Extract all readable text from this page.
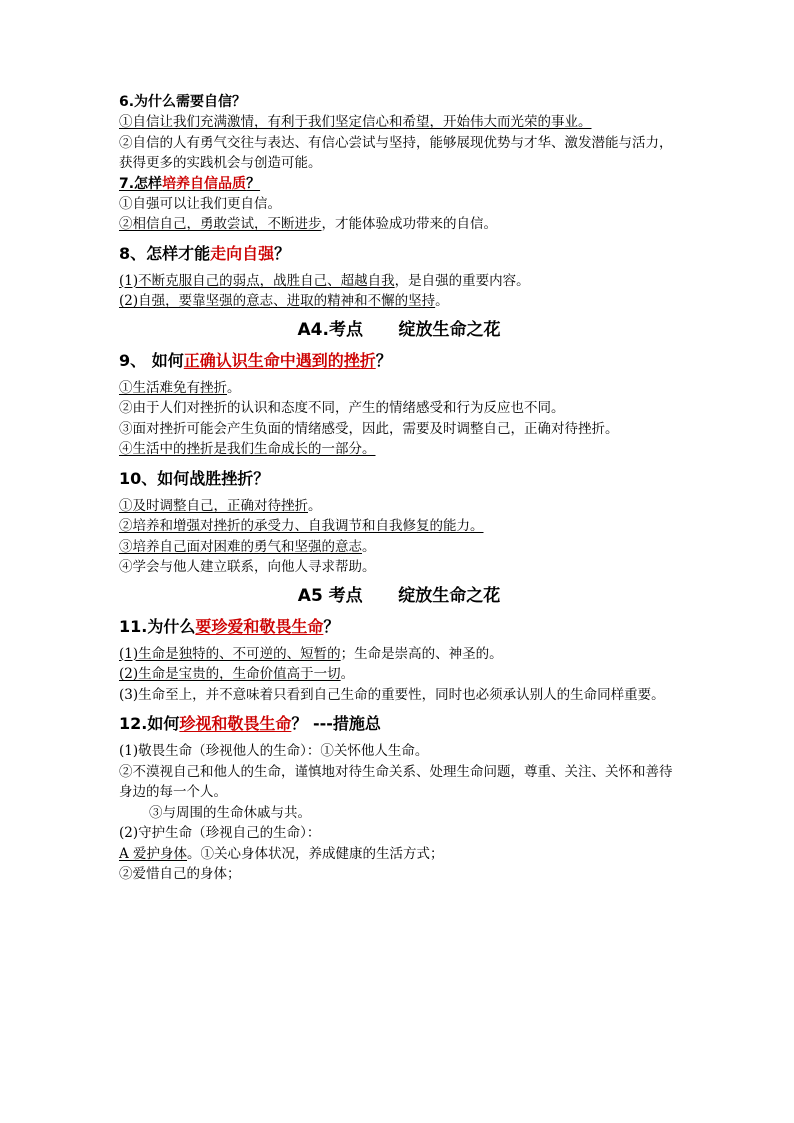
6.为什么需要自信？

①自信让我们充满激情，有利于我们坚定信心和希望，开始伟大而光荣的事业。

②自信的人有勇气交往与表达、有信心尝试与坚持，能够展现优势与才华、激发潜能与活力，获得更多的实践机会与创造可能。

7.怎样培养自信品质？

①自强可以让我们更自信。

②相信自己，勇敢尝试，不断进步，才能体验成功带来的自信。

8、怎样才能走向自强？

(1)不断克服自己的弱点，战胜自己、超越自我，是自强的重要内容。

(2)自强，要靠坚强的意志、进取的精神和不懈的坚持。

A4.考点      绽放生命之花

9、 如何正确认识生命中遇到的挫折？

①生活难免有挫折。

②由于人们对挫折的认识和态度不同，产生的情绪感受和行为反应也不同。

③面对挫折可能会产生负面的情绪感受，因此，需要及时调整自己，正确对待挫折。

④生活中的挫折是我们生命成长的一部分。

10、如何战胜挫折？

①及时调整自己，正确对待挫折。

②培养和增强对挫折的承受力、自我调节和自我修复的能力。

③培养自己面对困难的勇气和坚强的意志。

④学会与他人建立联系，向他人寻求帮助。

A5 考点      绽放生命之花

11.为什么要珍爱和敬畏生命？

(1)生命是独特的、不可逆的、短暂的；生命是崇高的、神圣的。

(2)生命是宝贵的，生命价值高于一切。

(3)生命至上，并不意味着只看到自己生命的重要性，同时也必须承认别人的生命同样重要。

12.如何珍视和敬畏生命？ ---措施总

(1)敬畏生命（珍视他人的生命）：①关怀他人生命。

②不漠视自己和他人的生命，谨慎地对待生命关系、处理生命问题，尊重、关注、关怀和善待身边的每一个人。

③与周围的生命休戚与共。

(2)守护生命（珍视自己的生命）：

A 爱护身体。①关心身体状况，养成健康的生活方式；

②爱惜自己的身体；
